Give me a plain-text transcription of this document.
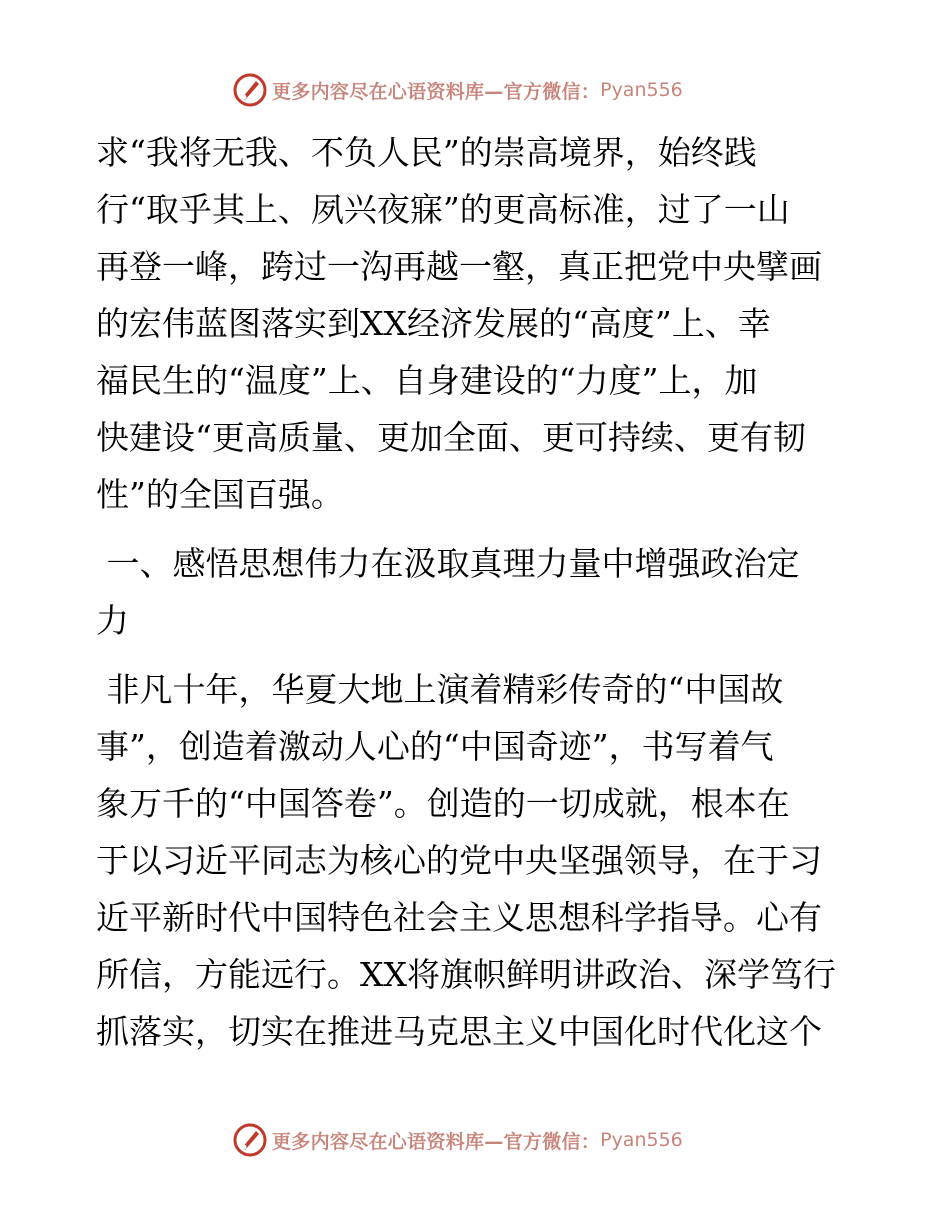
更多内容尽在心语资料库—官方微信： Pyan556
求“我将无我、不负人民”的崇高境界，始终践
行“取乎其上、夙兴夜寐”的更高标准，过了一山
再登一峰，跨过一沟再越一壑，真正把党中央擘画
的宏伟蓝图落实到XX经济发展的“高度”上、幸
福民生的“温度”上、自身建设的“力度”上，加
快建设“更高质量、更加全面、更可持续、更有韧
性”的全国百强。
一、感悟思想伟力在汲取真理力量中增强政治定
力
非凡十年，华夏大地上演着精彩传奇的“中国故
事”，创造着激动人心的“中国奇迹”，书写着气
象万千的“中国答卷”。创造的一切成就，根本在
于以习近平同志为核心的党中央坚强领导，在于习
近平新时代中国特色社会主义思想科学指导。心有
所信，方能远行。XX将旗帜鲜明讲政治、深学笃行
抓落实，切实在推进马克思主义中国化时代化这个
更多内容尽在心语资料库—官方微信： Pyan556
